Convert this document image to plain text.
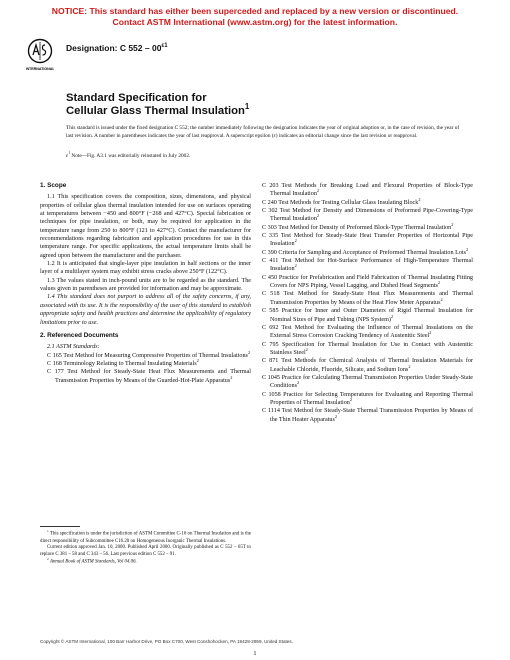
NOTICE: This standard has either been superceded and replaced by a new version or discontinued.
Contact ASTM International (www.astm.org) for the latest information.
INTERNATIONAL
Designation: C $552 - 00^{\varepsilon 1}$
Standard Specification for
Cellular Glass Thermal Insulation$^1$
This standard is issued under the fixed designation C 552; the number immediately following the designation indicates the year of original adoption or, in the case of revision, the year of last revision. A number in parentheses indicates the year of last reapproval. A superscript epsilon (ε) indicates an editorial change since the last revision or reapproval.
$\varepsilon^1$ Note—Fig. A3.1 was editorially reinstated in July 2002.
1. Scope

1.1 This specification covers the composition, sizes, dimensions, and physical properties of cellular glass thermal insulation intended for use on surfaces operating at temperatures between −450 and 800°F (−268 and 427°C). Special fabrication or techniques for pipe insulation, or both, may be required for application in the temperature range from 250 to 800°F (121 to 427°C). Contact the manufacturer for recommendations regarding fabrication and application procedures for use in this temperature range. For specific applications, the actual temperature limits shall be agreed upon between the manufacturer and the purchaser.

1.2 It is anticipated that single-layer pipe insulation in half sections or the inner layer of a multilayer system may exhibit stress cracks above 250°F (122°C).

1.3 The values stated in inch-pound units are to be regarded as the standard. The values given in parentheses are provided for information and may be approximate.

1.4 This standard does not purport to address all of the safety concerns, if any, associated with its use. It is the responsibility of the user of this standard to establish appropriate safety and health practices and determine the applicability of regulatory limitations prior to use.

2. Referenced Documents

2.1 ASTM Standards:

C 165 Test Method for Measuring Compressive Properties of Thermal Insulations$^2$

C 168 Terminology Relating to Thermal Insulating Materials$^2$

C 177 Test Method for Steady-State Heat Flux Measurements and Thermal Transmission Properties by Means of the Guarded-Hot-Plate Apparatus$^2$

C 203 Test Methods for Breaking Load and Flexural Properties of Block-Type Thermal Insulation$^2$

C 240 Test Methods for Testing Cellular Glass Insulating Block$^2$

C 302 Test Method for Density and Dimensions of Preformed Pipe-Covering-Type Thermal Insulation$^2$

C 303 Test Method for Density of Preformed Block-Type Thermal Insulation$^2$

C 335 Test Method for Steady-State Heat Transfer Properties of Horizontal Pipe Insulation$^2$

C 390 Criteria for Sampling and Acceptance of Preformed Thermal Insulation Lots$^2$

C 411 Test Method for Hot-Surface Performance of High-Temperature Thermal Insulation$^2$

C 450 Practice for Prefabrication and Field Fabrication of Thermal Insulating Fitting Covers for NPS Piping, Vessel Lagging, and Dished Head Segments$^2$

C 518 Test Method for Steady-State Heat Flux Measurements and Thermal Transmission Properties by Means of the Heat Flow Meter Apparatus$^2$

C 585 Practice for Inner and Outer Diameters of Rigid Thermal Insulation for Nominal Sizes of Pipe and Tubing (NPS System)$^2$

C 692 Test Method for Evaluating the Influence of Thermal Insulations on the External Stress Corrosion Cracking Tendency of Austenitic Steel$^2$

C 795 Specification for Thermal Insulation for Use in Contact with Austenitic Stainless Steel$^2$

C 871 Test Methods for Chemical Analysis of Thermal Insulation Materials for Leachable Chloride, Fluoride, Silicate, and Sodium Ions$^2$

C 1045 Practice for Calculating Thermal Transmission Properties Under Steady-State Conditions$^2$

C 1058 Practice for Selecting Temperatures for Evaluating and Reporting Thermal Properties of Thermal Insulation$^2$

C 1114 Test Method for Steady-State Thermal Transmission Properties by Means of the Thin Heater Apparatus$^2$

$^1$ This specification is under the jurisdiction of ASTM Committee C-16 on Thermal Insulation and is the direct responsibility of Subcommittee C16.20 on Homogeneous Inorganic Thermal Insulations.

Current edition approved Jan. 10, 2000. Published April 2000. Originally published as C 552 – 65T to replace C 381 – 58 and C 343 – 56. Last previous edition C 552 – 91.

$^2$ Annual Book of ASTM Standards, Vol 04.06.

Copyright © ASTM International, 100 Barr Harbor Drive, PO Box C700, West Conshohocken, PA 19428-2959, United States.
1
